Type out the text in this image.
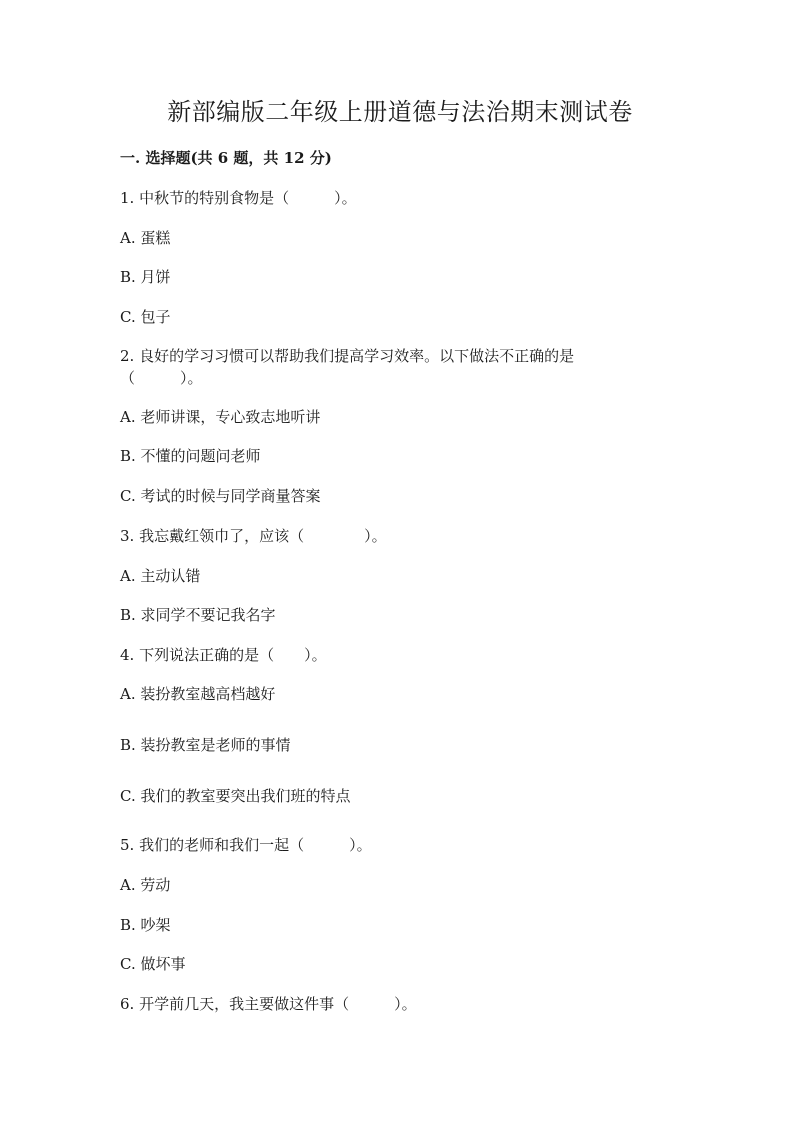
新部编版二年级上册道德与法治期末测试卷
一. 选择题(共 6 题，共 12 分)
1. 中秋节的特别食物是（　　　）。
A. 蛋糕
B. 月饼
C. 包子
2. 良好的学习习惯可以帮助我们提高学习效率。以下做法不正确的是
（　　　）。
A. 老师讲课，专心致志地听讲
B. 不懂的问题问老师
C. 考试的时候与同学商量答案
3. 我忘戴红领巾了，应该（　　　　）。
A. 主动认错
B. 求同学不要记我名字
4. 下列说法正确的是（　　）。
A. 装扮教室越高档越好
B. 装扮教室是老师的事情
C. 我们的教室要突出我们班的特点
5. 我们的老师和我们一起（　　　）。
A. 劳动
B. 吵架
C. 做坏事
6. 开学前几天，我主要做这件事（　　　）。
